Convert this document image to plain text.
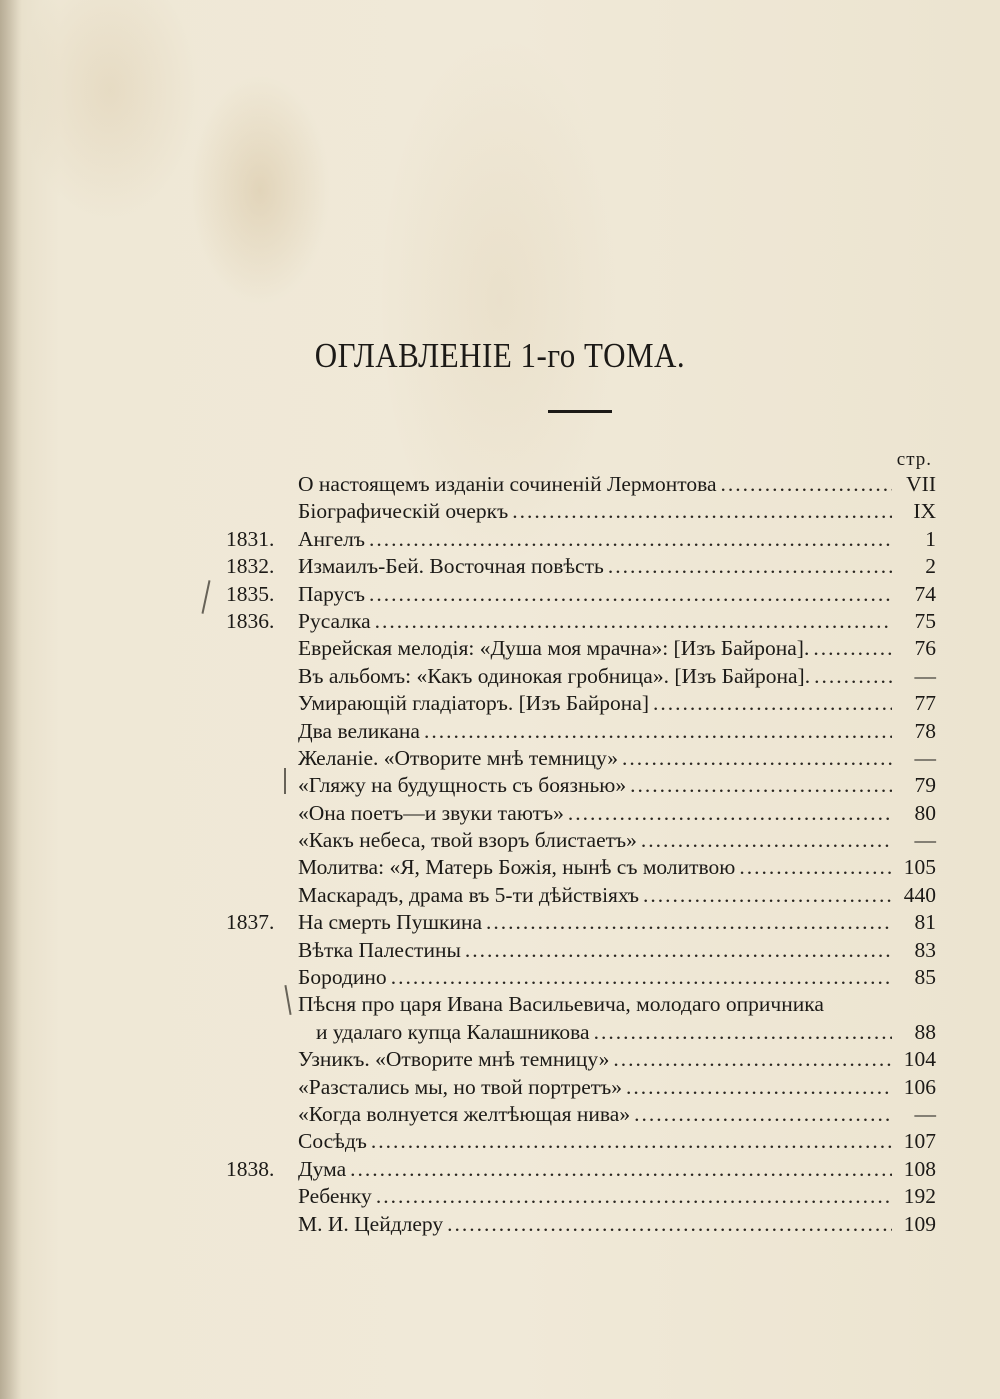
ОГЛАВЛЕНIЕ 1-го ТОМА.
стр.
О настоящемъ изданiи сочиненiй Лермонтова .....	VII
Бiографическiй очеркъ .....	IX
1831.	Ангелъ .....	1
1832.	Измаилъ-Бей. Восточная повѣсть .....	2
1835.	Парусъ .....	74
1836.	Русалка .....	75
Еврейская мелодiя: «Душа моя мрачна»: [Изъ Байрона]. .....	76
Въ альбомъ: «Какъ одинокая гробница». [Изъ Байрона]. .....	—
Умирающiй гладiаторъ. [Изъ Байрона] .....	77
Два великана .....	78
Желанiе. «Отворите мнѣ темницу» .....	—
«Гляжу на будущность съ боязнью» .....	79
«Она поетъ—и звуки таютъ» .....	80
«Какъ небеса, твой взоръ блистаетъ» .....	—
Молитва: «Я, Матерь Божiя, нынѣ съ молитвою .....	105
Маскарадъ, драма въ 5-ти дѣйствiяхъ .....	440
1837.	На смерть Пушкина .....	81
Вѣтка Палестины .....	83
Бородино .....	85
Пѣсня про царя Ивана Васильевича, молодаго опричника
и удалаго купца Калашникова .....	88
Узникъ. «Отворите мнѣ темницу» .....	104
«Разстались мы, но твой портретъ» .....	106
«Когда волнуется желтѣющая нива» .....	—
Сосѣдъ .....	107
1838.	Дума .....	108
Ребенку .....	192
М. И. Цейдлеру .....	109
